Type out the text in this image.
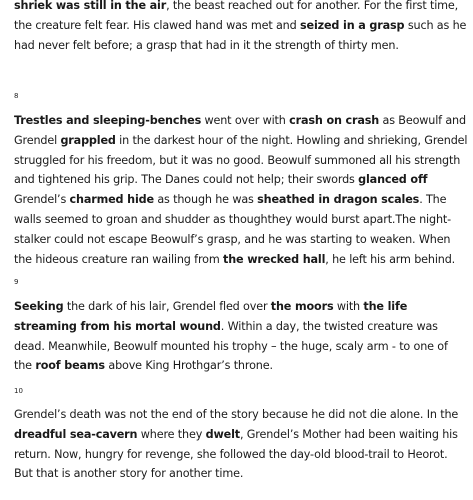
shriek was still in the air, the beast reached out for another. For the first time, the creature felt fear. His clawed hand was met and seized in a grasp such as he had never felt before; a grasp that had in it the strength of thirty men.

8

Trestles and sleeping-benches went over with crash on crash as Beowulf and Grendel grappled in the darkest hour of the night. Howling and shrieking, Grendel struggled for his freedom, but it was no good. Beowulf summoned all his strength and tightened his grip. The Danes could not help; their swords glanced off Grendel’s charmed hide as though he was sheathed in dragon scales. The walls seemed to groan and shudder as thoughthey would burst apart.The night-stalker could not escape Beowulf’s grasp, and he was starting to weaken. When the hideous creature ran wailing from the wrecked hall, he left his arm behind.

9

Seeking the dark of his lair, Grendel fled over the moors with the life streaming from his mortal wound. Within a day, the twisted creature was dead. Meanwhile, Beowulf mounted his trophy – the huge, scaly arm - to one of the roof beams above King Hrothgar’s throne.

10

Grendel’s death was not the end of the story because he did not die alone. In the dreadful sea-cavern where they dwelt, Grendel’s Mother had been waiting his return. Now, hungry for revenge, she followed the day-old blood-trail to Heorot. But that is another story for another time.
